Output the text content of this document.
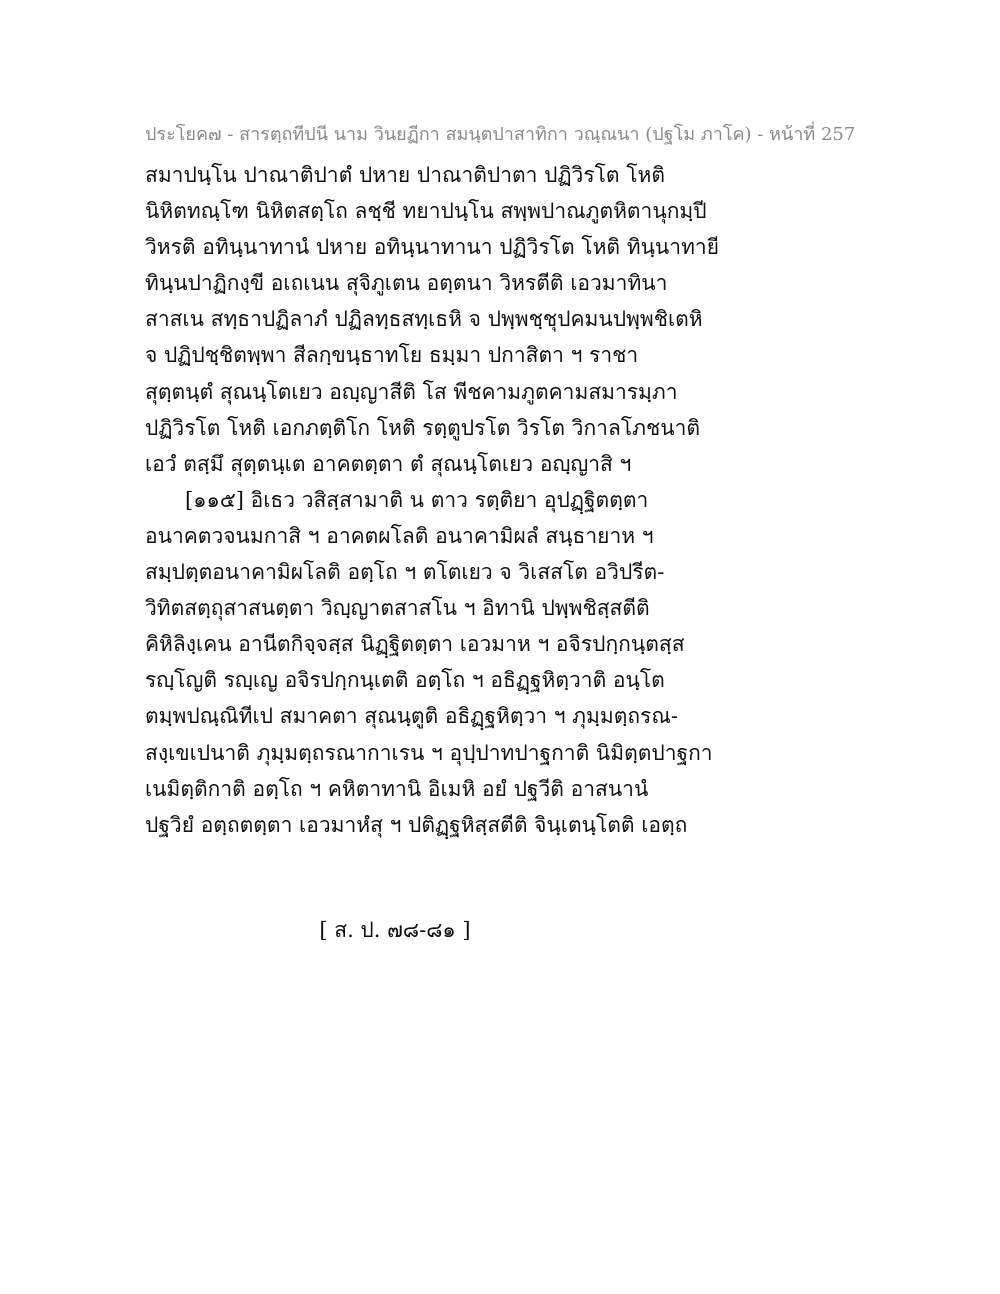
ประโยค๗ - สารตฺถทีปนี นาม วินยฏีกา สมนฺตปาสาทิกา วณฺณนา (ปฐโม ภาโค) - หน้าที่ 257
สมาปนฺโน ปาณาติปาตํ ปหาย ปาณาติปาตา ปฏิวิรโต โหติ
นิหิตทณฺโฑ นิหิตสตฺโถ ลชฺชี ทยาปนฺโน สพฺพปาณภูตหิตานุกมฺปี
วิหรติ อทินฺนาทานํ ปหาย อทินฺนาทานา ปฏิวิรโต โหติ ทินฺนาทายี
ทินฺนปาฏิกงฺขี อเถเนน สุจิภูเตน อตฺตนา วิหรตีติ เอวมาทินา
สาสเน สทฺธาปฏิลาภํ ปฏิลทฺธสทฺเธหิ จ ปพฺพชฺชุปคมนปพฺพชิเตหิ
จ ปฏิปชฺชิตพฺพา สีลกฺขนฺธาทโย ธมฺมา ปกาสิตา ฯ ราชา
สุตฺตนฺตํ สุณนฺโตเยว อญฺญาสีติ โส พีชคามภูตคามสมารมฺภา
ปฏิวิรโต โหติ เอกภตฺติโก โหติ รตฺตูปรโต วิรโต วิกาลโภชนาติ
เอวํ ตสฺมึ สุตฺตนฺเต อาคตตฺตา ตํ สุณนฺโตเยว อญฺญาสิ ฯ
[๑๑๕] อิเธว วสิสฺสามาติ น ตาว รตฺติยา อุปฏฺฐิตตฺตา
อนาคตวจนมกาสิ ฯ อาคตผโลติ อนาคามิผลํ สนฺธายาห ฯ
สมฺปตฺตอนาคามิผโลติ อตฺโถ ฯ ตโตเยว จ วิเสสโต อวิปรีต-
วิทิตสตฺถุสาสนตฺตา วิญฺญาตสาสโน ฯ อิทานิ ปพฺพชิสฺสตีติ
คิหิลิงฺเคน อานีตกิจฺจสฺส นิฏฺฐิตตฺตา เอวมาห ฯ อจิรปกฺกนฺตสฺส
รญฺโญติ รญฺเญ อจิรปกฺกนฺเตติ อตฺโถ ฯ อธิฏฺฐหิตฺวาติ อนฺโต
ตมฺพปณฺณิทีเป สมาคตา สุณนฺตูติ อธิฏฺฐหิตฺวา ฯ ภุมฺมตฺถรณ-
สงฺเขเปนาติ ภุมฺมตฺถรณากาเรน ฯ อุปฺปาทปาฐกาติ นิมิตฺตปาฐกา
เนมิตฺติกาติ อตฺโถ ฯ คหิตาทานิ อิเมหิ อยํ ปฐวีติ อาสนานํ
ปฐวิยํ อตฺถตตฺตา เอวมาหํสุ ฯ ปติฏฺฐหิสฺสตีติ จินฺเตนฺโตติ เอตฺถ
[ ส. ป. ๗๘-๘๑ ]
